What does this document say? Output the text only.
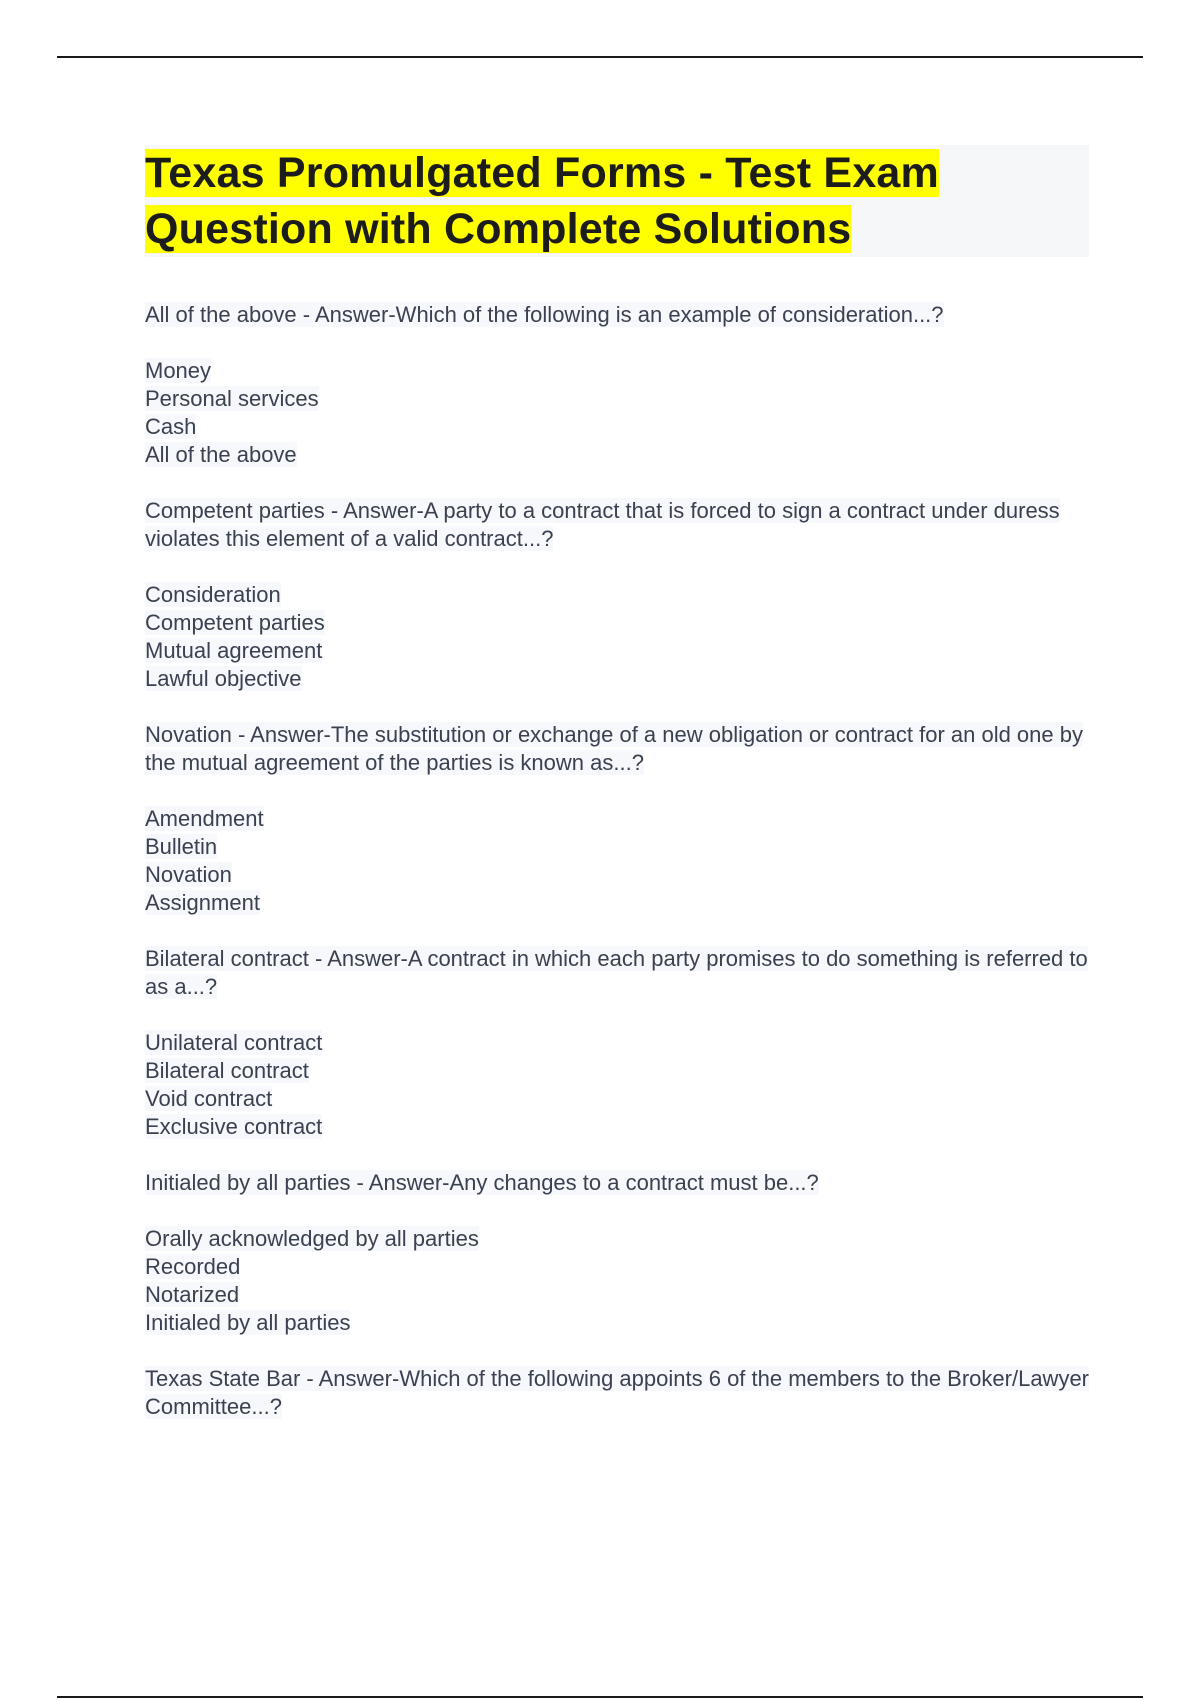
Texas Promulgated Forms - Test Exam Question with Complete Solutions

All of the above - Answer-Which of the following is an example of consideration...?

Money
Personal services
Cash
All of the above

Competent parties - Answer-A party to a contract that is forced to sign a contract under duress violates this element of a valid contract...?

Consideration
Competent parties
Mutual agreement
Lawful objective

Novation - Answer-The substitution or exchange of a new obligation or contract for an old one by the mutual agreement of the parties is known as...?

Amendment
Bulletin
Novation
Assignment

Bilateral contract - Answer-A contract in which each party promises to do something is referred to as a...?

Unilateral contract
Bilateral contract
Void contract
Exclusive contract

Initialed by all parties - Answer-Any changes to a contract must be...?

Orally acknowledged by all parties
Recorded
Notarized
Initialed by all parties

Texas State Bar - Answer-Which of the following appoints 6 of the members to the Broker/Lawyer Committee...?
